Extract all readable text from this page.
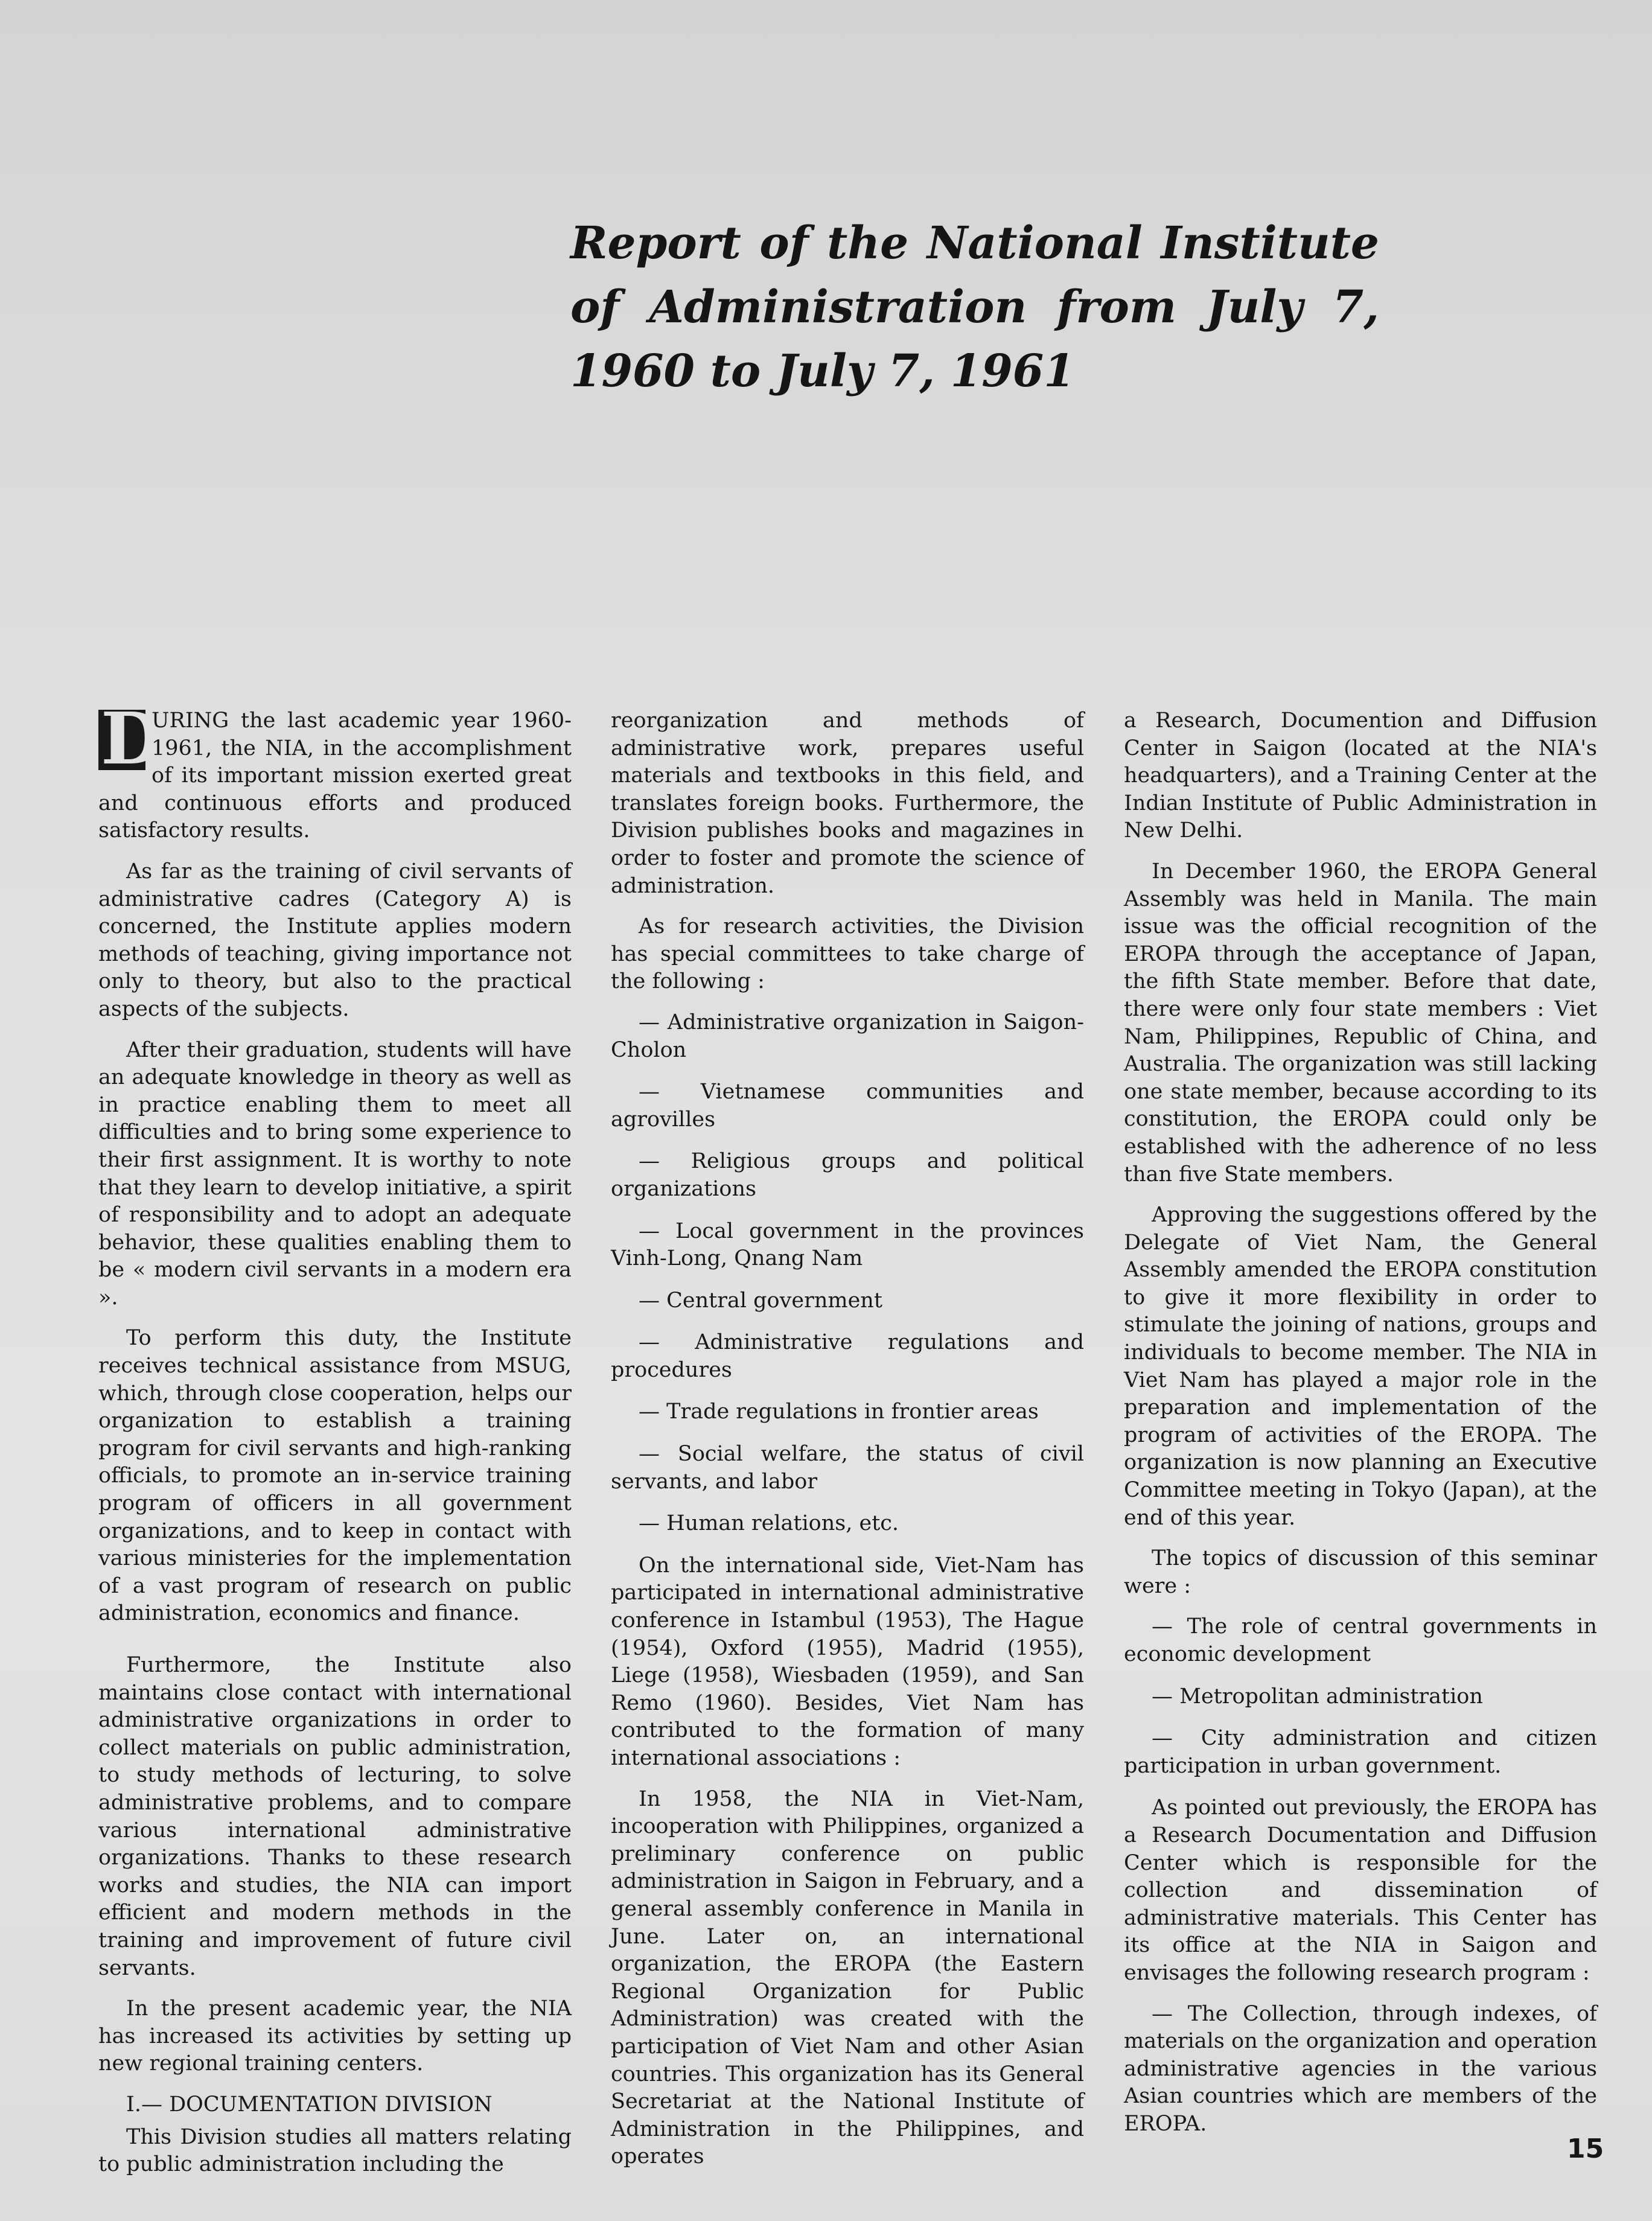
Report of the National Institute of Administration from July 7, 1960 to July 7, 1961

D
URING the last academic year 1960-1961, the NIA, in the accomplishment of its important mission exerted great and continuous efforts and produced satisfactory results.

As far as the training of civil servants of administrative cadres (Category A) is concerned, the Institute applies modern methods of teaching, giving importance not only to theory, but also to the practical aspects of the subjects.

After their graduation, students will have an adequate knowledge in theory as well as in practice enabling them to meet all difficulties and to bring some experience to their first assignment. It is worthy to note that they learn to develop initiative, a spirit of responsibility and to adopt an adequate behavior, these qualities enabling them to be « modern civil servants in a modern era ».

To perform this duty, the Institute receives technical assistance from MSUG, which, through close cooperation, helps our organization to establish a training program for civil servants and high-ranking officials, to promote an in-service training program of officers in all government organizations, and to keep in contact with various ministeries for the implementation of a vast program of research on public administration, economics and finance.

Furthermore, the Institute also maintains close contact with international administrative organizations in order to collect materials on public administration, to study methods of lecturing, to solve administrative problems, and to compare various international administrative organizations. Thanks to these research works and studies, the NIA can import efficient and modern methods in the training and improvement of future civil servants.

In the present academic year, the NIA has increased its activities by setting up new regional training centers.

I.— DOCUMENTATION DIVISION

This Division studies all matters relating to public administration including the

reorganization and methods of administrative work, prepares useful materials and textbooks in this field, and translates foreign books. Furthermore, the Division publishes books and magazines in order to foster and promote the science of administration.

As for research activities, the Division has special committees to take charge of the following :

— Administrative organization in Saigon-Cholon

— Vietnamese communities and agrovilles

— Religious groups and political organizations

— Local government in the provinces Vinh-Long, Qnang Nam

— Central government

— Administrative regulations and procedures

— Trade regulations in frontier areas

— Social welfare, the status of civil servants, and labor

— Human relations, etc.

On the international side, Viet-Nam has participated in international administrative conference in Istambul (1953), The Hague (1954), Oxford (1955), Madrid (1955), Liege (1958), Wiesbaden (1959), and San Remo (1960). Besides, Viet Nam has contributed to the formation of many international associations :

In 1958, the NIA in Viet-Nam, incooperation with Philippines, organized a preliminary conference on public administration in Saigon in February, and a general assembly conference in Manila in June. Later on, an international organization, the EROPA (the Eastern Regional Organization for Public Administration) was created with the participation of Viet Nam and other Asian countries. This organization has its General Secretariat at the National Institute of Administration in the Philippines, and operates

a Research, Documention and Diffusion Center in Saigon (located at the NIA's headquarters), and a Training Center at the Indian Institute of Public Administration in New Delhi.

In December 1960, the EROPA General Assembly was held in Manila. The main issue was the official recognition of the EROPA through the acceptance of Japan, the fifth State member. Before that date, there were only four state members : Viet Nam, Philippines, Republic of China, and Australia. The organization was still lacking one state member, because according to its constitution, the EROPA could only be established with the adherence of no less than five State members.

Approving the suggestions offered by the Delegate of Viet Nam, the General Assembly amended the EROPA constitution to give it more flexibility in order to stimulate the joining of nations, groups and individuals to become member. The NIA in Viet Nam has played a major role in the preparation and implementation of the program of activities of the EROPA. The organization is now planning an Executive Committee meeting in Tokyo (Japan), at the end of this year.

The topics of discussion of this seminar were :

— The role of central governments in economic development

— Metropolitan administration

— City administration and citizen participation in urban government.

As pointed out previously, the EROPA has a Research Documentation and Diffusion Center which is responsible for the collection and dissemination of administrative materials. This Center has its office at the NIA in Saigon and envisages the following research program :

— The Collection, through indexes, of materials on the organization and operation administrative agencies in the various Asian countries which are members of the EROPA.

15
